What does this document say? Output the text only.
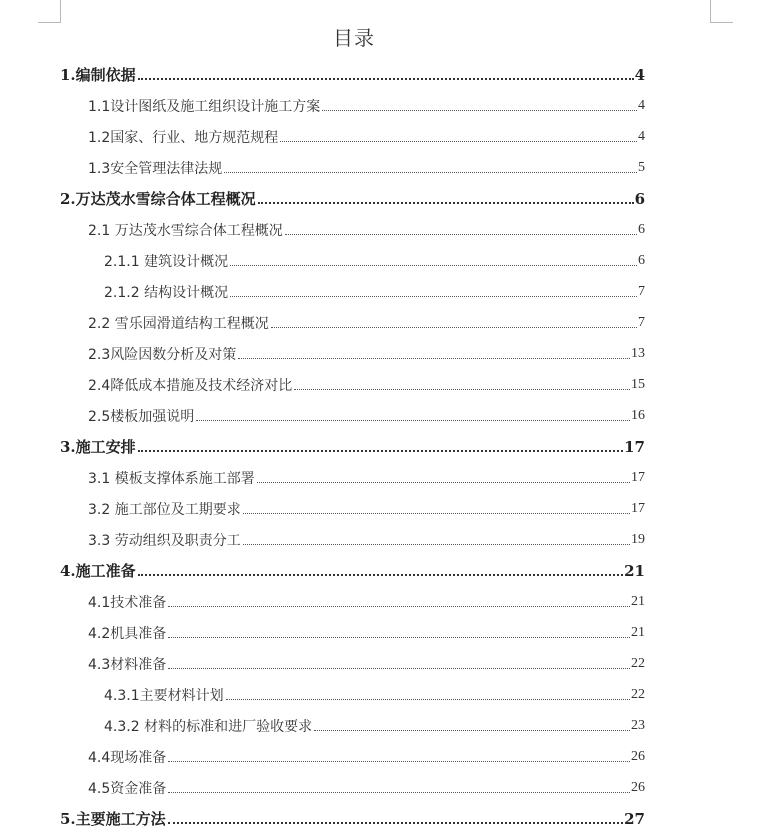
目录
1.编制依据	4
1.1设计图纸及施工组织设计施工方案	4
1.2国家、行业、地方规范规程	4
1.3安全管理法律法规	5
2.万达茂水雪综合体工程概况	6
2.1 万达茂水雪综合体工程概况	6
2.1.1 建筑设计概况	6
2.1.2 结构设计概况	7
2.2 雪乐园滑道结构工程概况	7
2.3风险因数分析及对策	13
2.4降低成本措施及技术经济对比	15
2.5楼板加强说明	16
3.施工安排	17
3.1 模板支撑体系施工部署	17
3.2 施工部位及工期要求	17
3.3 劳动组织及职责分工	19
4.施工准备	21
4.1技术准备	21
4.2机具准备	21
4.3材料准备	22
4.3.1主要材料计划	22
4.3.2 材料的标准和进厂验收要求	23
4.4现场准备	26
4.5资金准备	26
5.主要施工方法	27
